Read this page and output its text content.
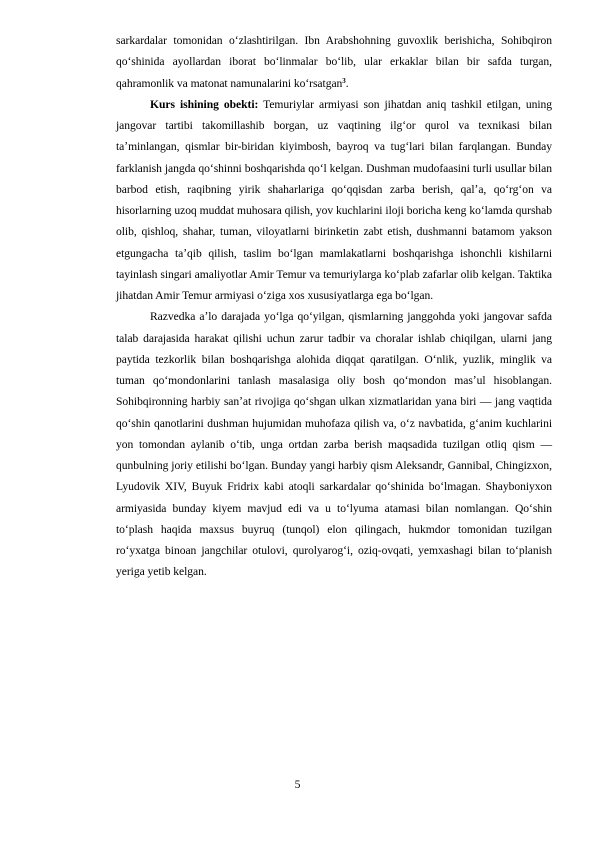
sarkardalar tomonidan oʻzlashtirilgan. Ibn Arabshohning guvoxlik berishicha, Sohibqiron qoʻshinida ayollardan iborat boʻlinmalar boʻlib, ular erkaklar bilan bir safda turgan, qahramonlik va matonat namunalarini koʻrsatgan$^3$.

Kurs ishining obekti: Temuriylar armiyasi son jihatdan aniq tashkil etilgan, uning jangovar tartibi takomillashib borgan, uz vaqtining ilgʻor qurol va texnikasi bilan taʼminlangan, qismlar bir-biridan kiyimbosh, bayroq va tugʻlari bilan farqlangan. Bunday farklanish jangda qoʻshinni boshqarishda qoʻl kelgan. Dushman mudofaasini turli usullar bilan barbod etish, raqibning yirik shaharlariga qoʻqqisdan zarba berish, qalʼa, qoʻrgʻon va hisorlarning uzoq muddat muhosara qilish, yov kuchlarini iloji boricha keng koʻlamda qurshab olib, qishloq, shahar, tuman, viloyatlarni birinketin zabt etish, dushmanni batamom yakson etgungacha taʼqib qilish, taslim boʻlgan mamlakatlarni boshqarishga ishonchli kishilarni tayinlash singari amaliyotlar Amir Temur va temuriylarga koʻplab zafarlar olib kelgan. Taktika jihatdan Amir Temur armiyasi oʻziga xos xususiyatlarga ega boʻlgan.

Razvedka aʼlo darajada yoʻlga qoʻyilgan, qismlarning janggohda yoki jangovar safda talab darajasida harakat qilishi uchun zarur tadbir va choralar ishlab chiqilgan, ularni jang paytida tezkorlik bilan boshqarishga alohida diqqat qaratilgan. Oʻnlik, yuzlik, minglik va tuman qoʻmondonlarini tanlash masalasiga oliy bosh qoʻmondon masʼul hisoblangan. Sohibqironning harbiy sanʼat rivojiga qoʻshgan ulkan xizmatlaridan yana biri — jang vaqtida qoʻshin qanotlarini dushman hujumidan muhofaza qilish va, oʻz navbatida, gʻanim kuchlarini yon tomondan aylanib oʻtib, unga ortdan zarba berish maqsadida tuzilgan otliq qism — qunbulning joriy etilishi boʻlgan. Bunday yangi harbiy qism Aleksandr, Gannibal, Chingizxon, Lyudovik XIV, Buyuk Fridrix kabi atoqli sarkardalar qoʻshinida boʻlmagan. Shayboniyxon armiyasida bunday kiyem mavjud edi va u toʻlyuma atamasi bilan nomlangan. Qoʻshin toʻplash haqida maxsus buyruq (tunqol) elon qilingach, hukmdor tomonidan tuzilgan roʻyxatga binoan jangchilar otulovi, qurolyarogʻi, oziq-ovqati, yemxashagi bilan toʻplanish yeriga yetib kelgan.

5
